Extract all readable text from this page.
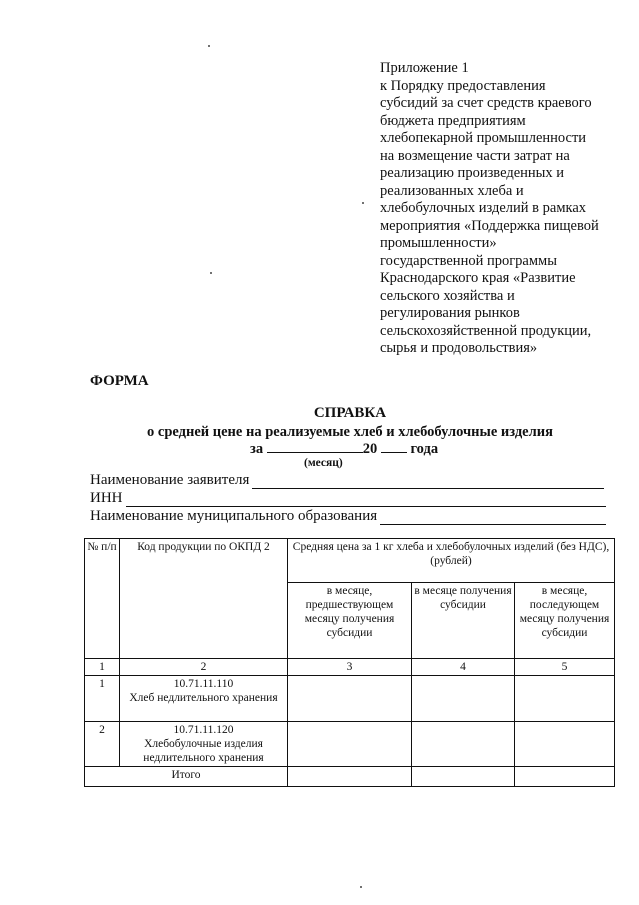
Приложение 1
к Порядку предоставления
субсидий за счет средств краевого
бюджета предприятиям
хлебопекарной промышленности
на возмещение части затрат на
реализацию произведенных и
реализованных хлеба и
хлебобулочных изделий в рамках
мероприятия «Поддержка пищевой
промышленности»
государственной программы
Краснодарского края «Развитие
сельского хозяйства и
регулирования рынков
сельскохозяйственной продукции,
сырья и продовольствия»
ФОРМА
СПРАВКА
о средней цене на реализуемые хлеб и хлебобулочные изделия
за	20 года
(месяц)
Наименование заявителя
ИНН
Наименование муниципального образования
№ п/п	Код продукции по ОКПД 2	Средняя цена за 1 кг хлеба и хлебобулочных изделий (без НДС), (рублей)		
		в месяце, предшествующем месяцу получения субсидии	в месяце получения субсидии	в месяце, последующем месяцу получения субсидии
1	2	3	4	5
1	10.71.11.110
Хлеб недлительного хранения			

2	10.71.11.120
Хлебобулочные изделия недлительного хранения			

Итого				
